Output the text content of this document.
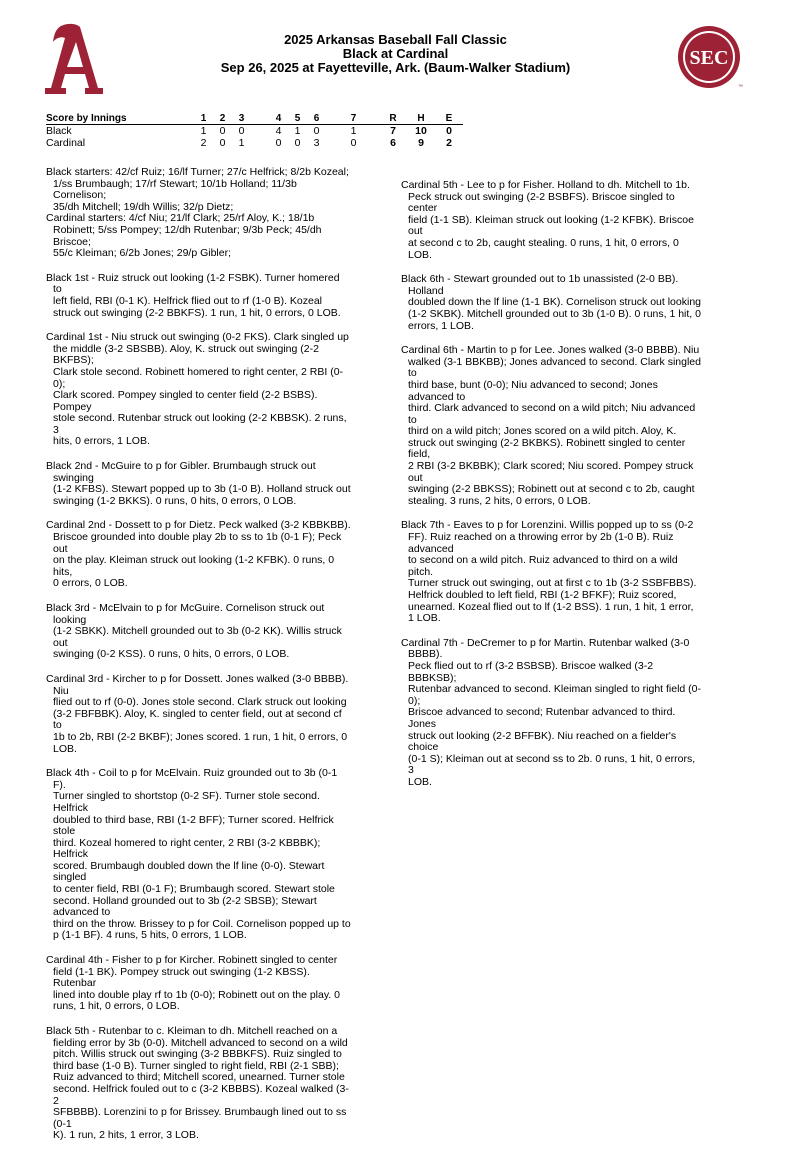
SEC
™
2025 Arkansas Baseball Fall Classic
Black at Cardinal
Sep 26, 2025 at Fayetteville, Ark. (Baum-Walker Stadium)
Score by Innings	1	2	3		4	5	6		7		R	H	E
Black	1	0	0		4	1	0		1		7	10	0
Cardinal	2	0	1		0	0	3		0		6	9	2

Black starters: 42/cf Ruiz; 16/lf Turner; 27/c Helfrick; 8/2b Kozeal;
1/ss Brumbaugh; 17/rf Stewart; 10/1b Holland; 11/3b Cornelison;
35/dh Mitchell; 19/dh Willis; 32/p Dietz;

Cardinal starters: 4/cf Niu; 21/lf Clark; 25/rf Aloy, K.; 18/1b
Robinett; 5/ss Pompey; 12/dh Rutenbar; 9/3b Peck; 45/dh Briscoe;
55/c Kleiman; 6/2b Jones; 29/p Gibler;

Black 1st - Ruiz struck out looking (1-2 FSBK). Turner homered to
left field, RBI (0-1 K). Helfrick flied out to rf (1-0 B). Kozeal
struck out swinging (2-2 BBKFS). 1 run, 1 hit, 0 errors, 0 LOB.

Cardinal 1st - Niu struck out swinging (0-2 FKS). Clark singled up
the middle (3-2 SBSBB). Aloy, K. struck out swinging (2-2 BKFBS);
Clark stole second. Robinett homered to right center, 2 RBI (0-0);
Clark scored. Pompey singled to center field (2-2 BSBS). Pompey
stole second. Rutenbar struck out looking (2-2 KBBSK). 2 runs, 3
hits, 0 errors, 1 LOB.

Black 2nd - McGuire to p for Gibler. Brumbaugh struck out swinging
(1-2 KFBS). Stewart popped up to 3b (1-0 B). Holland struck out
swinging (1-2 BKKS). 0 runs, 0 hits, 0 errors, 0 LOB.

Cardinal 2nd - Dossett to p for Dietz. Peck walked (3-2 KBBKBB).
Briscoe grounded into double play 2b to ss to 1b (0-1 F); Peck out
on the play. Kleiman struck out looking (1-2 KFBK). 0 runs, 0 hits,
0 errors, 0 LOB.

Black 3rd - McElvain to p for McGuire. Cornelison struck out looking
(1-2 SBKK). Mitchell grounded out to 3b (0-2 KK). Willis struck out
swinging (0-2 KSS). 0 runs, 0 hits, 0 errors, 0 LOB.

Cardinal 3rd - Kircher to p for Dossett. Jones walked (3-0 BBBB). Niu
flied out to rf (0-0). Jones stole second. Clark struck out looking
(3-2 FBFBBK). Aloy, K. singled to center field, out at second cf to
1b to 2b, RBI (2-2 BKBF); Jones scored. 1 run, 1 hit, 0 errors, 0
LOB.

Black 4th - Coil to p for McElvain. Ruiz grounded out to 3b (0-1 F).
Turner singled to shortstop (0-2 SF). Turner stole second. Helfrick
doubled to third base, RBI (1-2 BFF); Turner scored. Helfrick stole
third. Kozeal homered to right center, 2 RBI (3-2 KBBBK); Helfrick
scored. Brumbaugh doubled down the lf line (0-0). Stewart singled
to center field, RBI (0-1 F); Brumbaugh scored. Stewart stole
second. Holland grounded out to 3b (2-2 SBSB); Stewart advanced to
third on the throw. Brissey to p for Coil. Cornelison popped up to
p (1-1 BF). 4 runs, 5 hits, 0 errors, 1 LOB.

Cardinal 4th - Fisher to p for Kircher. Robinett singled to center
field (1-1 BK). Pompey struck out swinging (1-2 KBSS). Rutenbar
lined into double play rf to 1b (0-0); Robinett out on the play. 0
runs, 1 hit, 0 errors, 0 LOB.

Black 5th - Rutenbar to c. Kleiman to dh. Mitchell reached on a
fielding error by 3b (0-0). Mitchell advanced to second on a wild
pitch. Willis struck out swinging (3-2 BBBKFS). Ruiz singled to
third base (1-0 B). Turner singled to right field, RBI (2-1 SBB);
Ruiz advanced to third; Mitchell scored, unearned. Turner stole
second. Helfrick fouled out to c (3-2 KBBBS). Kozeal walked (3-2
SFBBBB). Lorenzini to p for Brissey. Brumbaugh lined out to ss (0-1
K). 1 run, 2 hits, 1 error, 3 LOB.

Cardinal 5th - Lee to p for Fisher. Holland to dh. Mitchell to 1b.
Peck struck out swinging (2-2 BSBFS). Briscoe singled to center
field (1-1 SB). Kleiman struck out looking (1-2 KFBK). Briscoe out
at second c to 2b, caught stealing. 0 runs, 1 hit, 0 errors, 0 LOB.

Black 6th - Stewart grounded out to 1b unassisted (2-0 BB). Holland
doubled down the lf line (1-1 BK). Cornelison struck out looking
(1-2 SKBK). Mitchell grounded out to 3b (1-0 B). 0 runs, 1 hit, 0
errors, 1 LOB.

Cardinal 6th - Martin to p for Lee. Jones walked (3-0 BBBB). Niu
walked (3-1 BBKBB); Jones advanced to second. Clark singled to
third base, bunt (0-0); Niu advanced to second; Jones advanced to
third. Clark advanced to second on a wild pitch; Niu advanced to
third on a wild pitch; Jones scored on a wild pitch. Aloy, K.
struck out swinging (2-2 BKBKS). Robinett singled to center field,
2 RBI (3-2 BKBBK); Clark scored; Niu scored. Pompey struck out
swinging (2-2 BBKSS); Robinett out at second c to 2b, caught
stealing. 3 runs, 2 hits, 0 errors, 0 LOB.

Black 7th - Eaves to p for Lorenzini. Willis popped up to ss (0-2
FF). Ruiz reached on a throwing error by 2b (1-0 B). Ruiz advanced
to second on a wild pitch. Ruiz advanced to third on a wild pitch.
Turner struck out swinging, out at first c to 1b (3-2 SSBFBBS).
Helfrick doubled to left field, RBI (1-2 BFKF); Ruiz scored,
unearned. Kozeal flied out to lf (1-2 BSS). 1 run, 1 hit, 1 error,
1 LOB.

Cardinal 7th - DeCremer to p for Martin. Rutenbar walked (3-0 BBBB).
Peck flied out to rf (3-2 BSBSB). Briscoe walked (3-2 BBBKSB);
Rutenbar advanced to second. Kleiman singled to right field (0-0);
Briscoe advanced to second; Rutenbar advanced to third. Jones
struck out looking (2-2 BFFBK). Niu reached on a fielder's choice
(0-1 S); Kleiman out at second ss to 2b. 0 runs, 1 hit, 0 errors, 3
LOB.
